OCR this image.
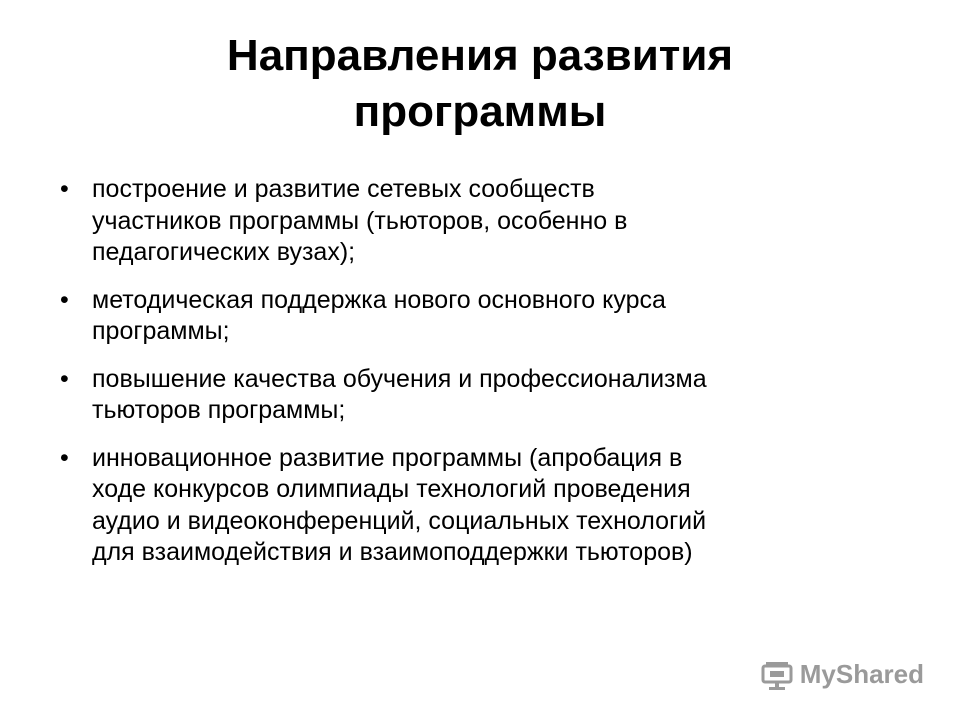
Направления развития
программы
• построение и развитие сетевых сообществ
участников программы (тьюторов, особенно в
педагогических вузах);
• методическая поддержка нового основного курса
программы;
• повышение качества обучения и профессионализма
тьюторов программы;
• инновационное развитие программы (апробация в
ходе конкурсов олимпиады технологий проведения
аудио и видеоконференций, социальных технологий
для взаимодействия и взаимоподдержки тьюторов)
MyShared
